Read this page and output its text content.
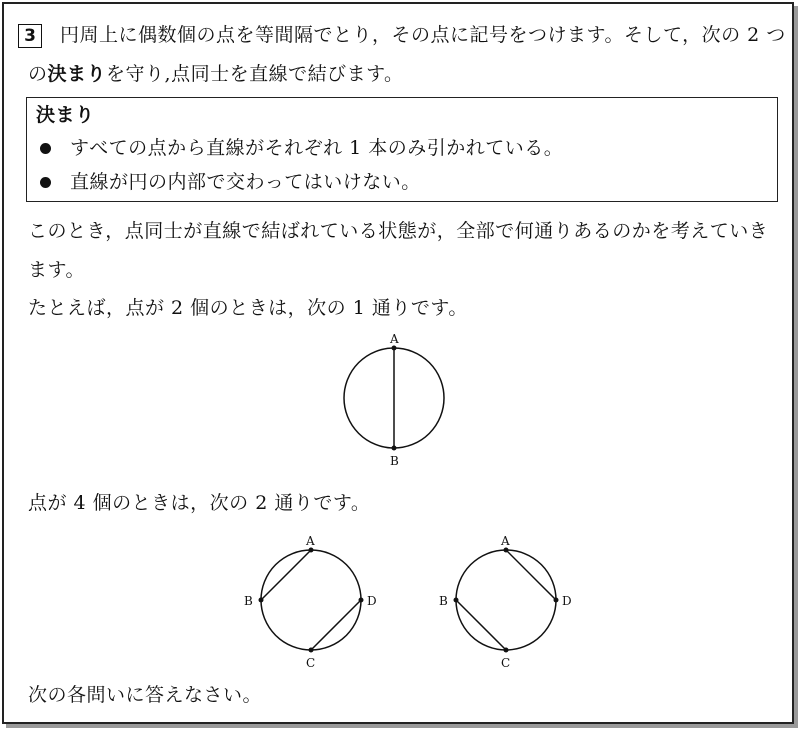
3	円周上に偶数個の点を等間隔でとり，その点に記号をつけます。そして，次の 2 つ
の決まりを守り,点同士を直線で結びます。
決まり
すべての点から直線がそれぞれ 1 本のみ引かれている。
直線が円の内部で交わってはいけない。
このとき，点同士が直線で結ばれている状態が，全部で何通りあるのかを考えていき
ます。
たとえば，点が 2 個のときは，次の 1 通りです。
点が 4 個のときは，次の 2 通りです。
次の各問いに答えなさい。
A
B
A
B
C
D
A
B
C
D
